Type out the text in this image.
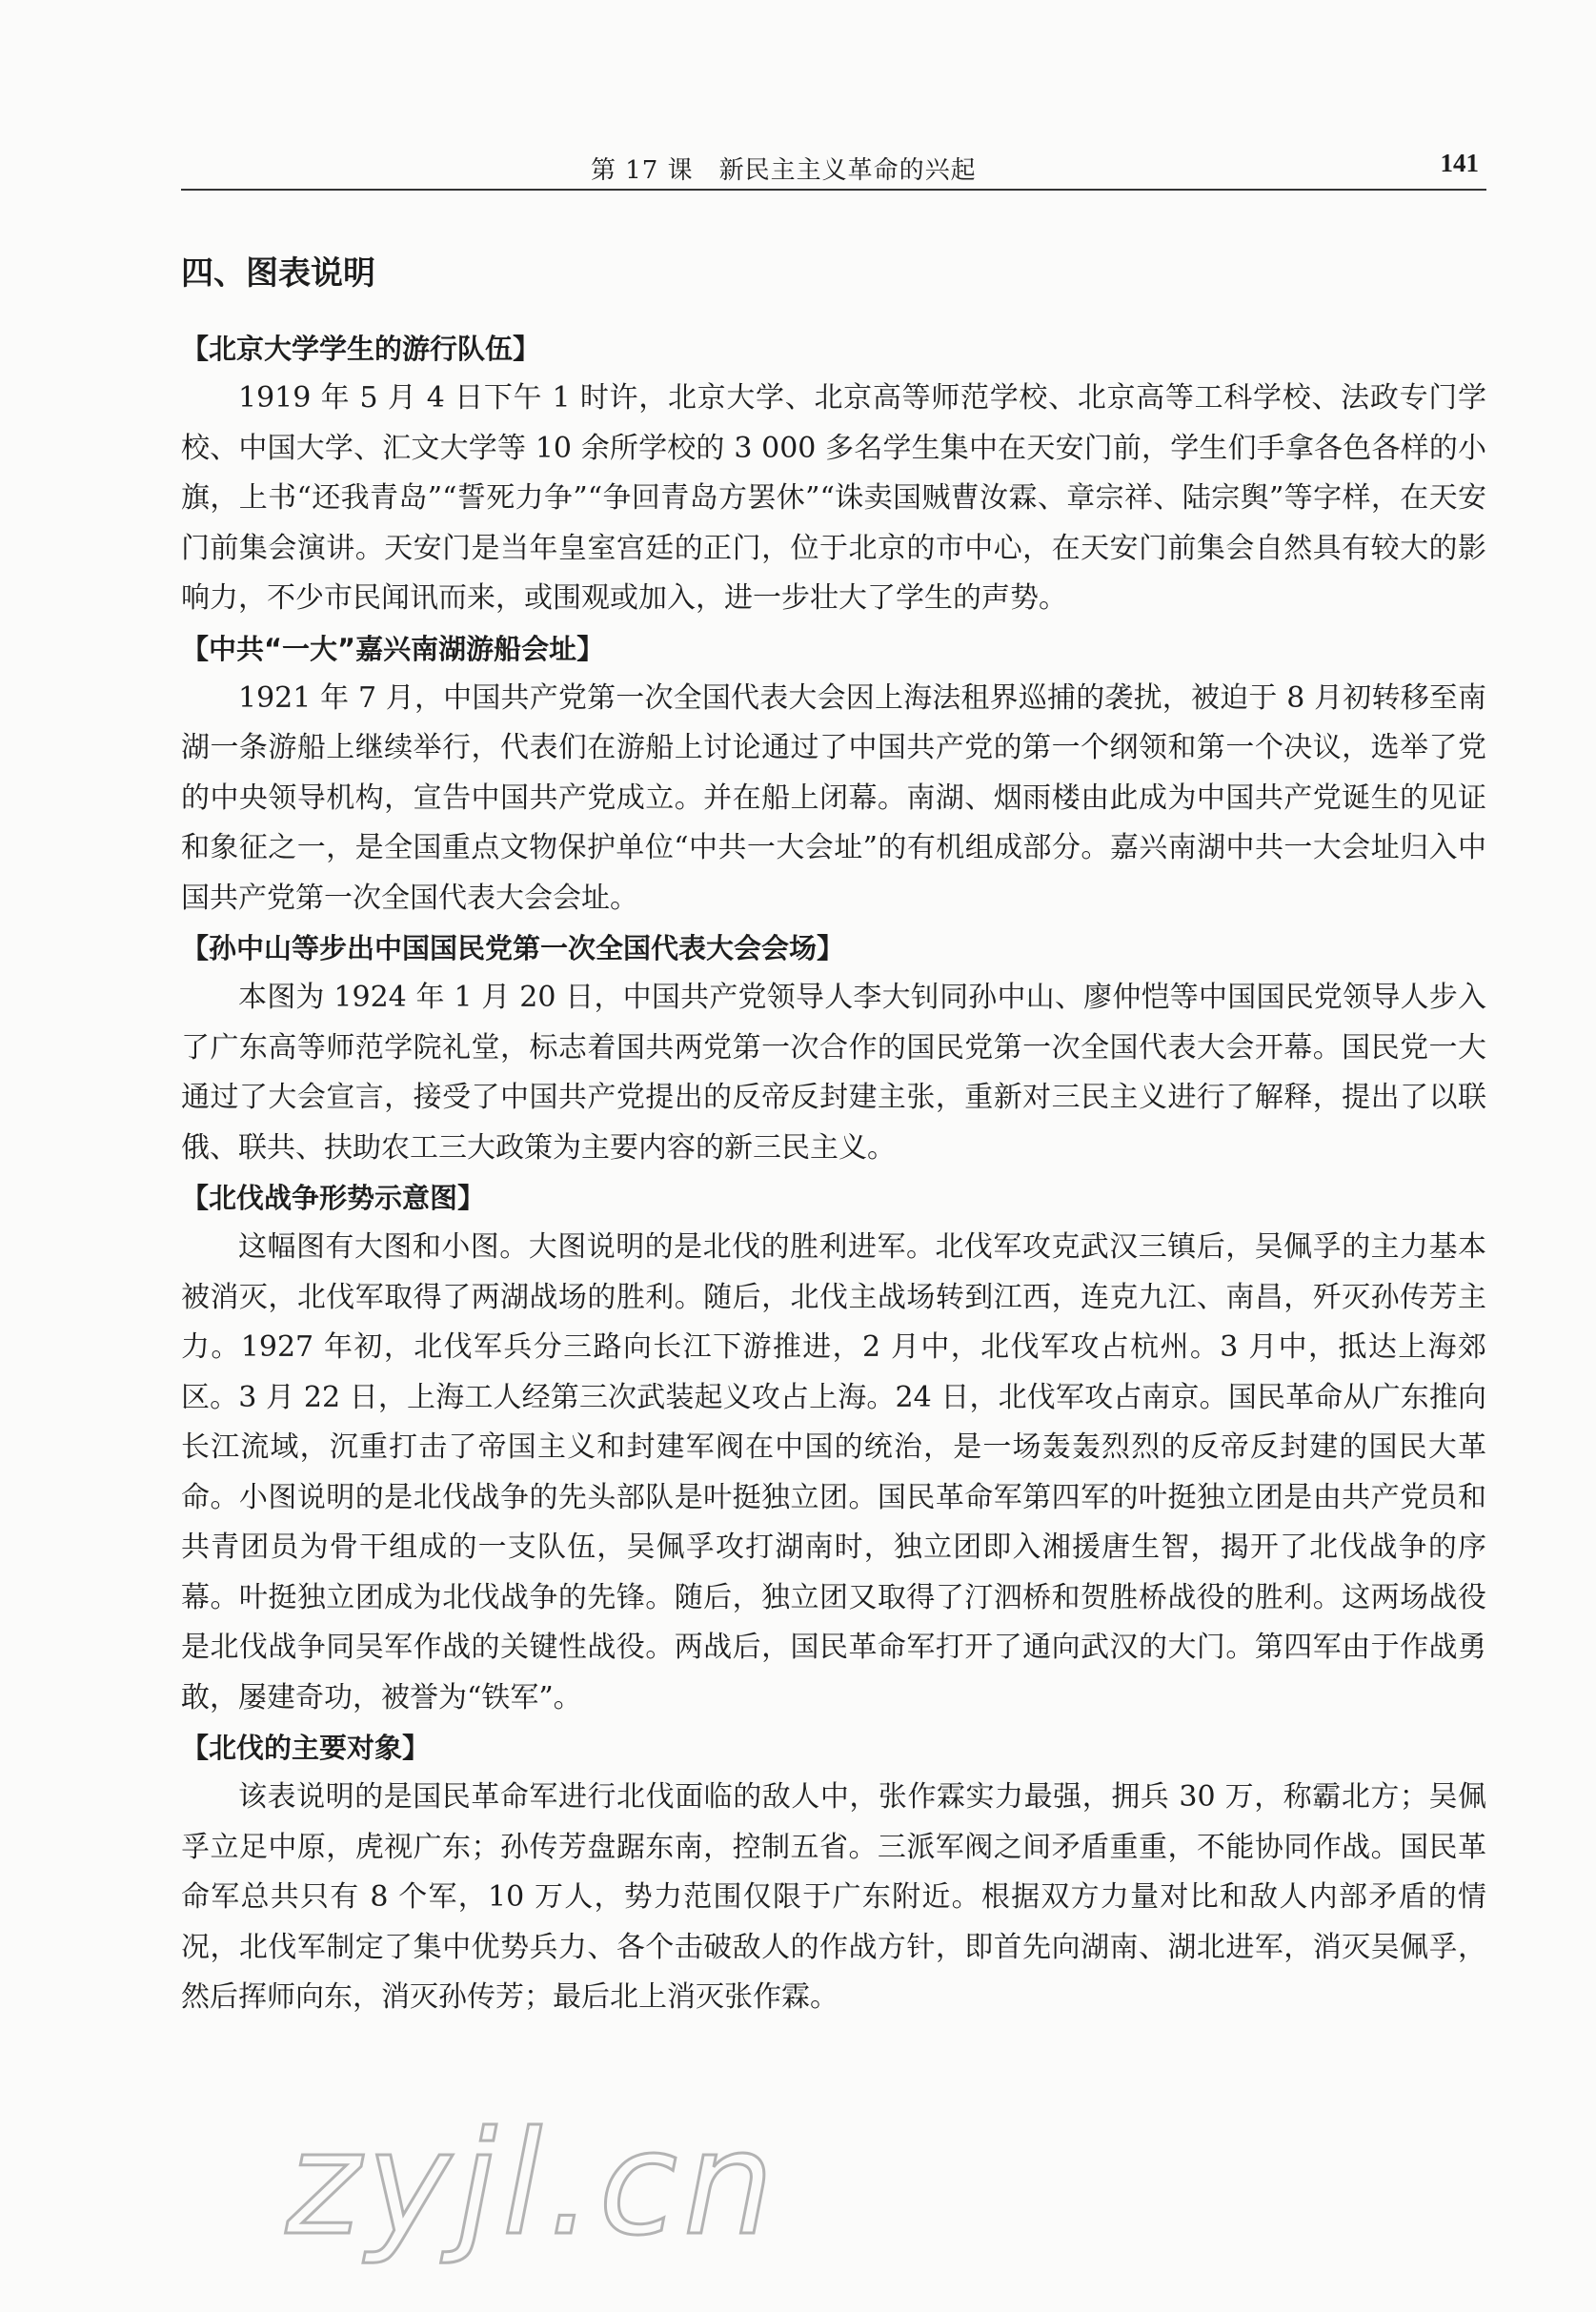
第 17 课　新民主主义革命的兴起	141
四、图表说明
【北京大学学生的游行队伍】

1919 年 5 月 4 日下午 1 时许，北京大学、北京高等师范学校、北京高等工科学校、法政专门学校、中国大学、汇文大学等 10 余所学校的 3 000 多名学生集中在天安门前，学生们手拿各色各样的小旗，上书“还我青岛”“誓死力争”“争回青岛方罢休”“诛卖国贼曹汝霖、章宗祥、陆宗舆”等字样，在天安门前集会演讲。天安门是当年皇室宫廷的正门，位于北京的市中心，在天安门前集会自然具有较大的影响力，不少市民闻讯而来，或围观或加入，进一步壮大了学生的声势。

【中共“一大”嘉兴南湖游船会址】

1921 年 7 月，中国共产党第一次全国代表大会因上海法租界巡捕的袭扰，被迫于 8 月初转移至南湖一条游船上继续举行，代表们在游船上讨论通过了中国共产党的第一个纲领和第一个决议，选举了党的中央领导机构，宣告中国共产党成立。并在船上闭幕。南湖、烟雨楼由此成为中国共产党诞生的见证和象征之一，是全国重点文物保护单位“中共一大会址”的有机组成部分。嘉兴南湖中共一大会址归入中国共产党第一次全国代表大会会址。

【孙中山等步出中国国民党第一次全国代表大会会场】

本图为 1924 年 1 月 20 日，中国共产党领导人李大钊同孙中山、廖仲恺等中国国民党领导人步入了广东高等师范学院礼堂，标志着国共两党第一次合作的国民党第一次全国代表大会开幕。国民党一大通过了大会宣言，接受了中国共产党提出的反帝反封建主张，重新对三民主义进行了解释，提出了以联俄、联共、扶助农工三大政策为主要内容的新三民主义。

【北伐战争形势示意图】

这幅图有大图和小图。大图说明的是北伐的胜利进军。北伐军攻克武汉三镇后，吴佩孚的主力基本被消灭，北伐军取得了两湖战场的胜利。随后，北伐主战场转到江西，连克九江、南昌，歼灭孙传芳主力。1927 年初，北伐军兵分三路向长江下游推进，2 月中，北伐军攻占杭州。3 月中，抵达上海郊区。3 月 22 日，上海工人经第三次武装起义攻占上海。24 日，北伐军攻占南京。国民革命从广东推向长江流域，沉重打击了帝国主义和封建军阀在中国的统治，是一场轰轰烈烈的反帝反封建的国民大革命。小图说明的是北伐战争的先头部队是叶挺独立团。国民革命军第四军的叶挺独立团是由共产党员和共青团员为骨干组成的一支队伍，吴佩孚攻打湖南时，独立团即入湘援唐生智，揭开了北伐战争的序幕。叶挺独立团成为北伐战争的先锋。随后，独立团又取得了汀泗桥和贺胜桥战役的胜利。这两场战役是北伐战争同吴军作战的关键性战役。两战后，国民革命军打开了通向武汉的大门。第四军由于作战勇敢，屡建奇功，被誉为“铁军”。

【北伐的主要对象】

该表说明的是国民革命军进行北伐面临的敌人中，张作霖实力最强，拥兵 30 万，称霸北方；吴佩孚立足中原，虎视广东；孙传芳盘踞东南，控制五省。三派军阀之间矛盾重重，不能协同作战。国民革命军总共只有 8 个军，10 万人，势力范围仅限于广东附近。根据双方力量对比和敌人内部矛盾的情况，北伐军制定了集中优势兵力、各个击破敌人的作战方针，即首先向湖南、湖北进军，消灭吴佩孚，然后挥师向东，消灭孙传芳；最后北上消灭张作霖。

zyjl.cn
